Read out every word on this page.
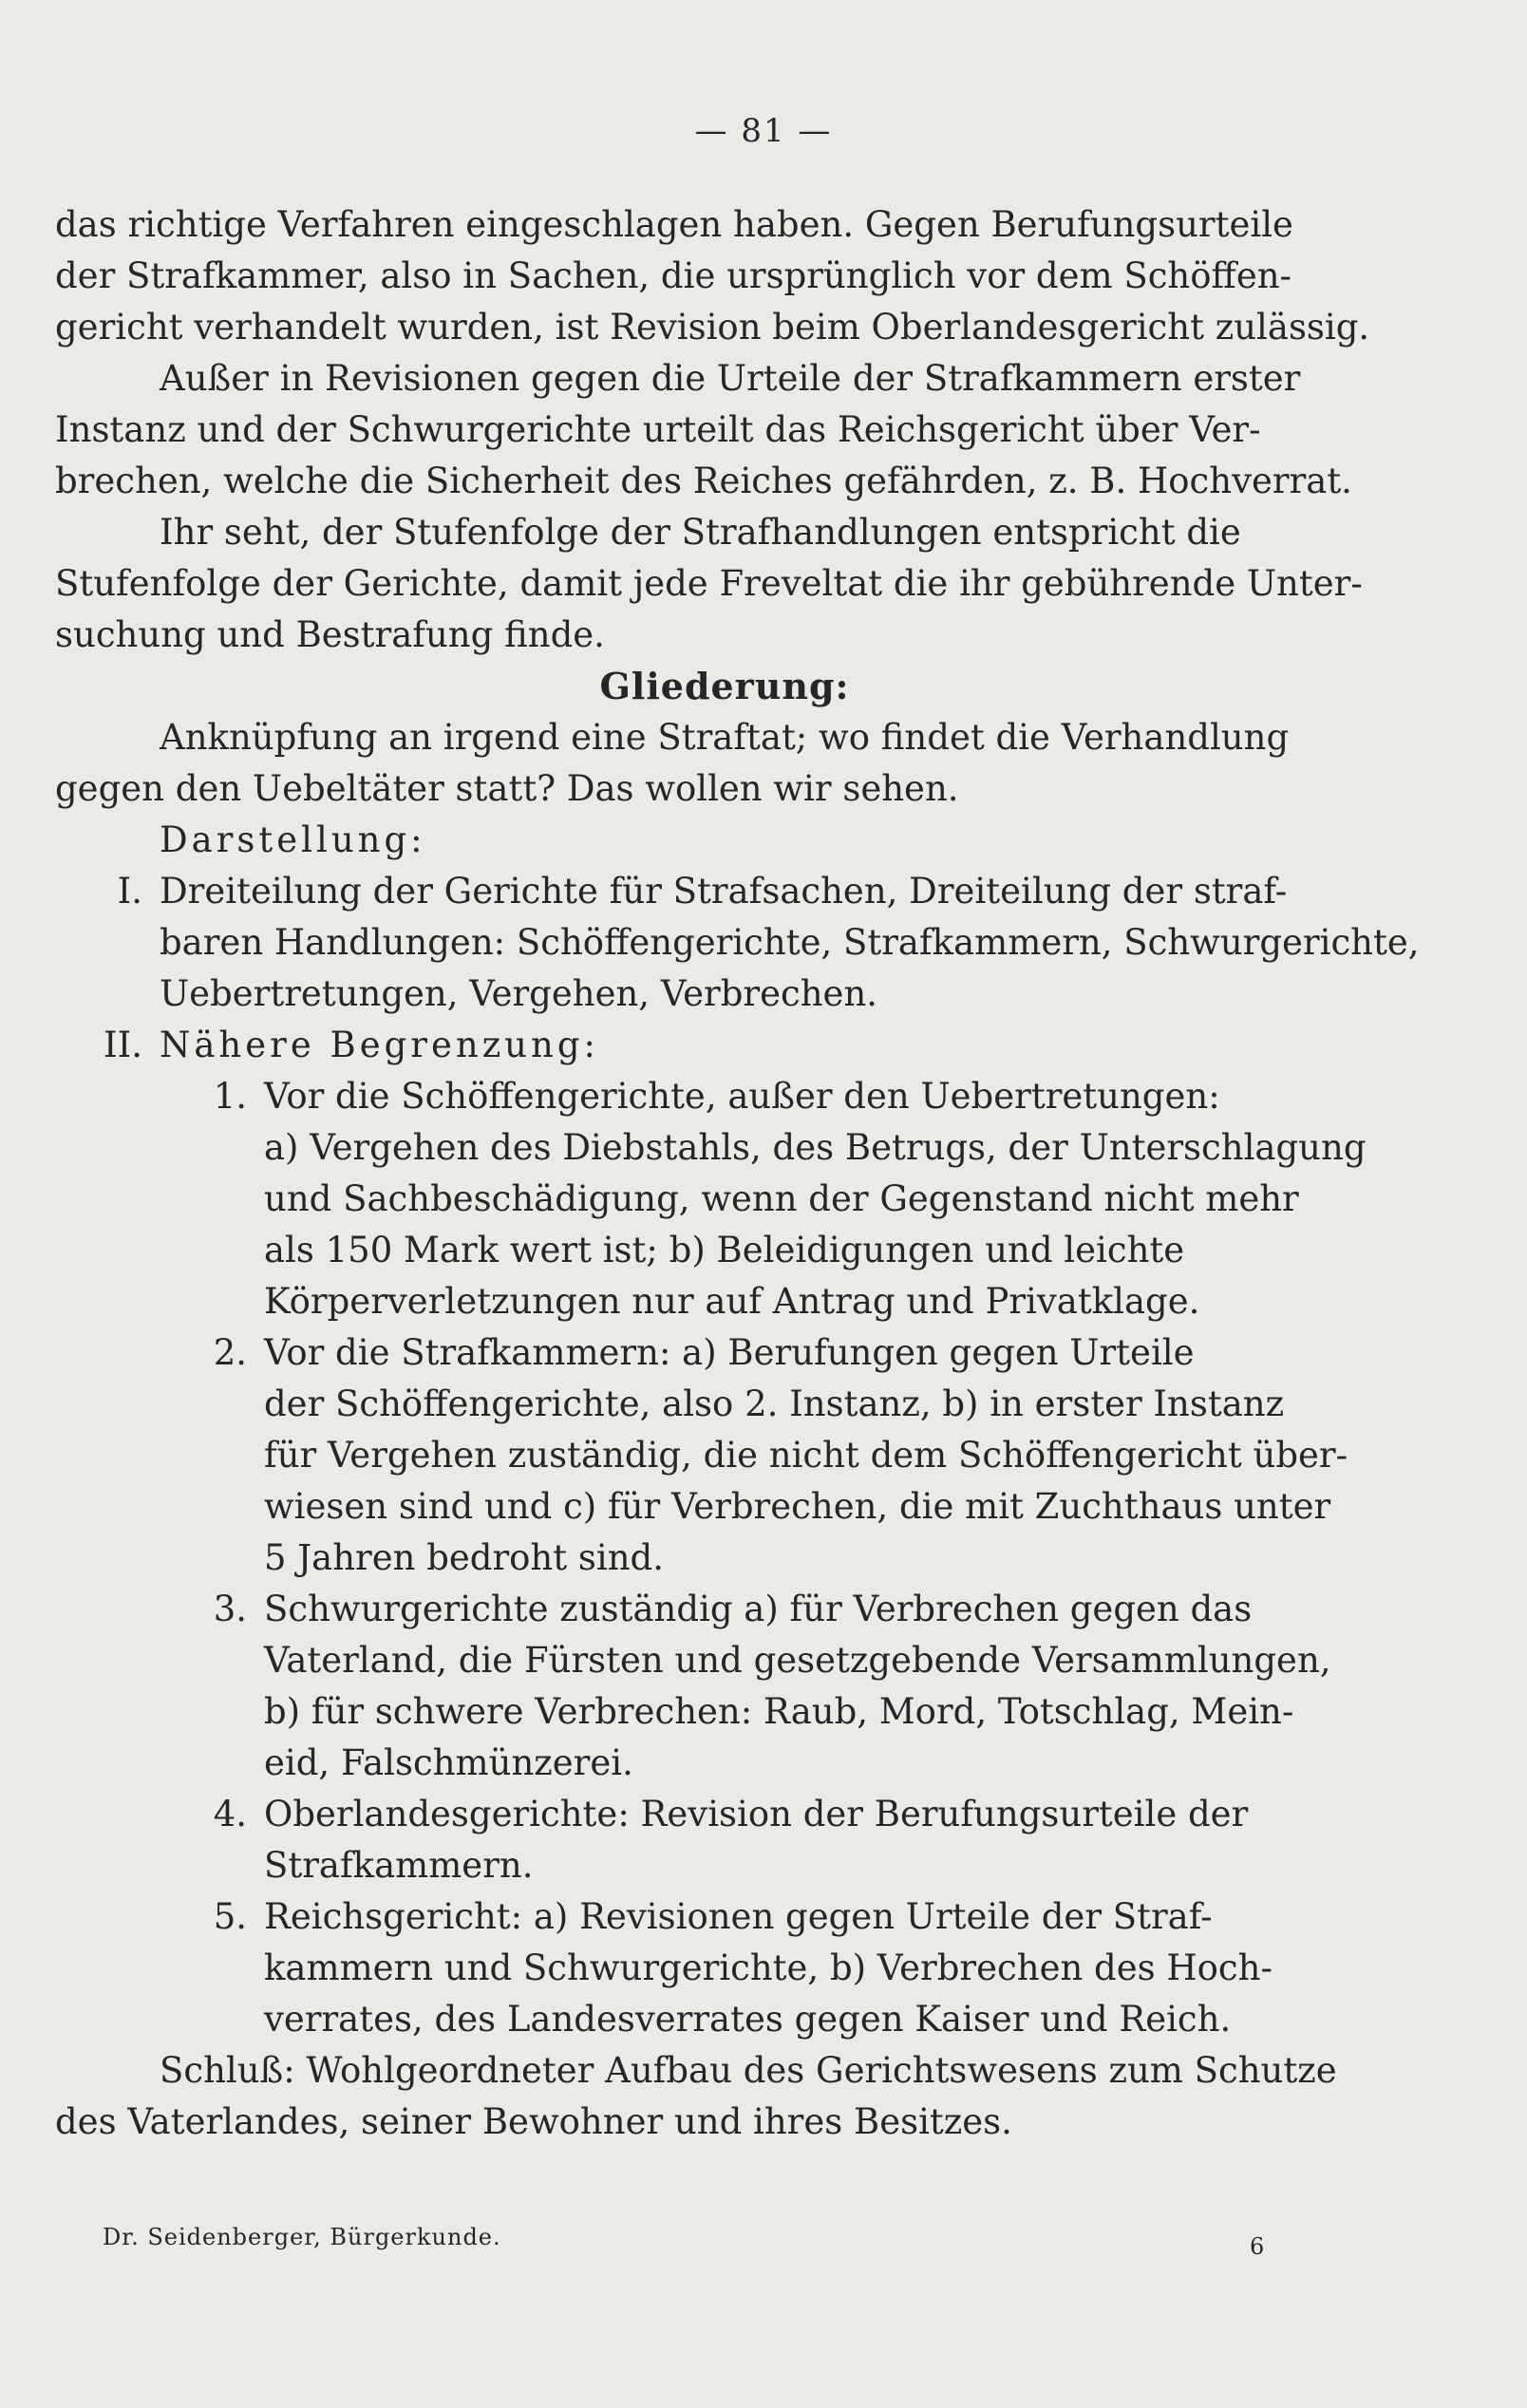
— 81 —

das richtige Verfahren eingeschlagen haben. Gegen Berufungsurteile

der Strafkammer, also in Sachen, die ursprünglich vor dem Schöffen-

gericht verhandelt wurden, ist Revision beim Oberlandesgericht zulässig.

Außer in Revisionen gegen die Urteile der Strafkammern erster

Instanz und der Schwurgerichte urteilt das Reichsgericht über Ver-

brechen, welche die Sicherheit des Reiches gefährden, z. B. Hochverrat.

Ihr seht, der Stufenfolge der Strafhandlungen entspricht die

Stufenfolge der Gerichte, damit jede Freveltat die ihr gebührende Unter-

suchung und Bestrafung finde.

Gliederung:

Anknüpfung an irgend eine Straftat; wo findet die Verhandlung

gegen den Uebeltäter statt? Das wollen wir sehen.

Darstellung:

I. Dreiteilung der Gerichte für Strafsachen, Dreiteilung der straf-

baren Handlungen: Schöffengerichte, Strafkammern, Schwurgerichte,

Uebertretungen, Vergehen, Verbrechen.

II. Nähere Begrenzung:
1. Vor die Schöffengerichte, außer den Uebertretungen:

a) Vergehen des Diebstahls, des Betrugs, der Unterschlagung

und Sachbeschädigung, wenn der Gegenstand nicht mehr

als 150 Mark wert ist; b) Beleidigungen und leichte

Körperverletzungen nur auf Antrag und Privatklage.

2. Vor die Strafkammern: a) Berufungen gegen Urteile

der Schöffengerichte, also 2. Instanz, b) in erster Instanz

für Vergehen zuständig, die nicht dem Schöffengericht über-

wiesen sind und c) für Verbrechen, die mit Zuchthaus unter

5 Jahren bedroht sind.

3. Schwurgerichte zuständig a) für Verbrechen gegen das

Vaterland, die Fürsten und gesetzgebende Versammlungen,

b) für schwere Verbrechen: Raub, Mord, Totschlag, Mein-

eid, Falschmünzerei.

4. Oberlandesgerichte: Revision der Berufungsurteile der

Strafkammern.

5. Reichsgericht: a) Revisionen gegen Urteile der Straf-

kammern und Schwurgerichte, b) Verbrechen des Hoch-

verrates, des Landesverrates gegen Kaiser und Reich.

Schluß: Wohlgeordneter Aufbau des Gerichtswesens zum Schutze

des Vaterlandes, seiner Bewohner und ihres Besitzes.

Dr. Seidenberger, Bürgerkunde.	6
